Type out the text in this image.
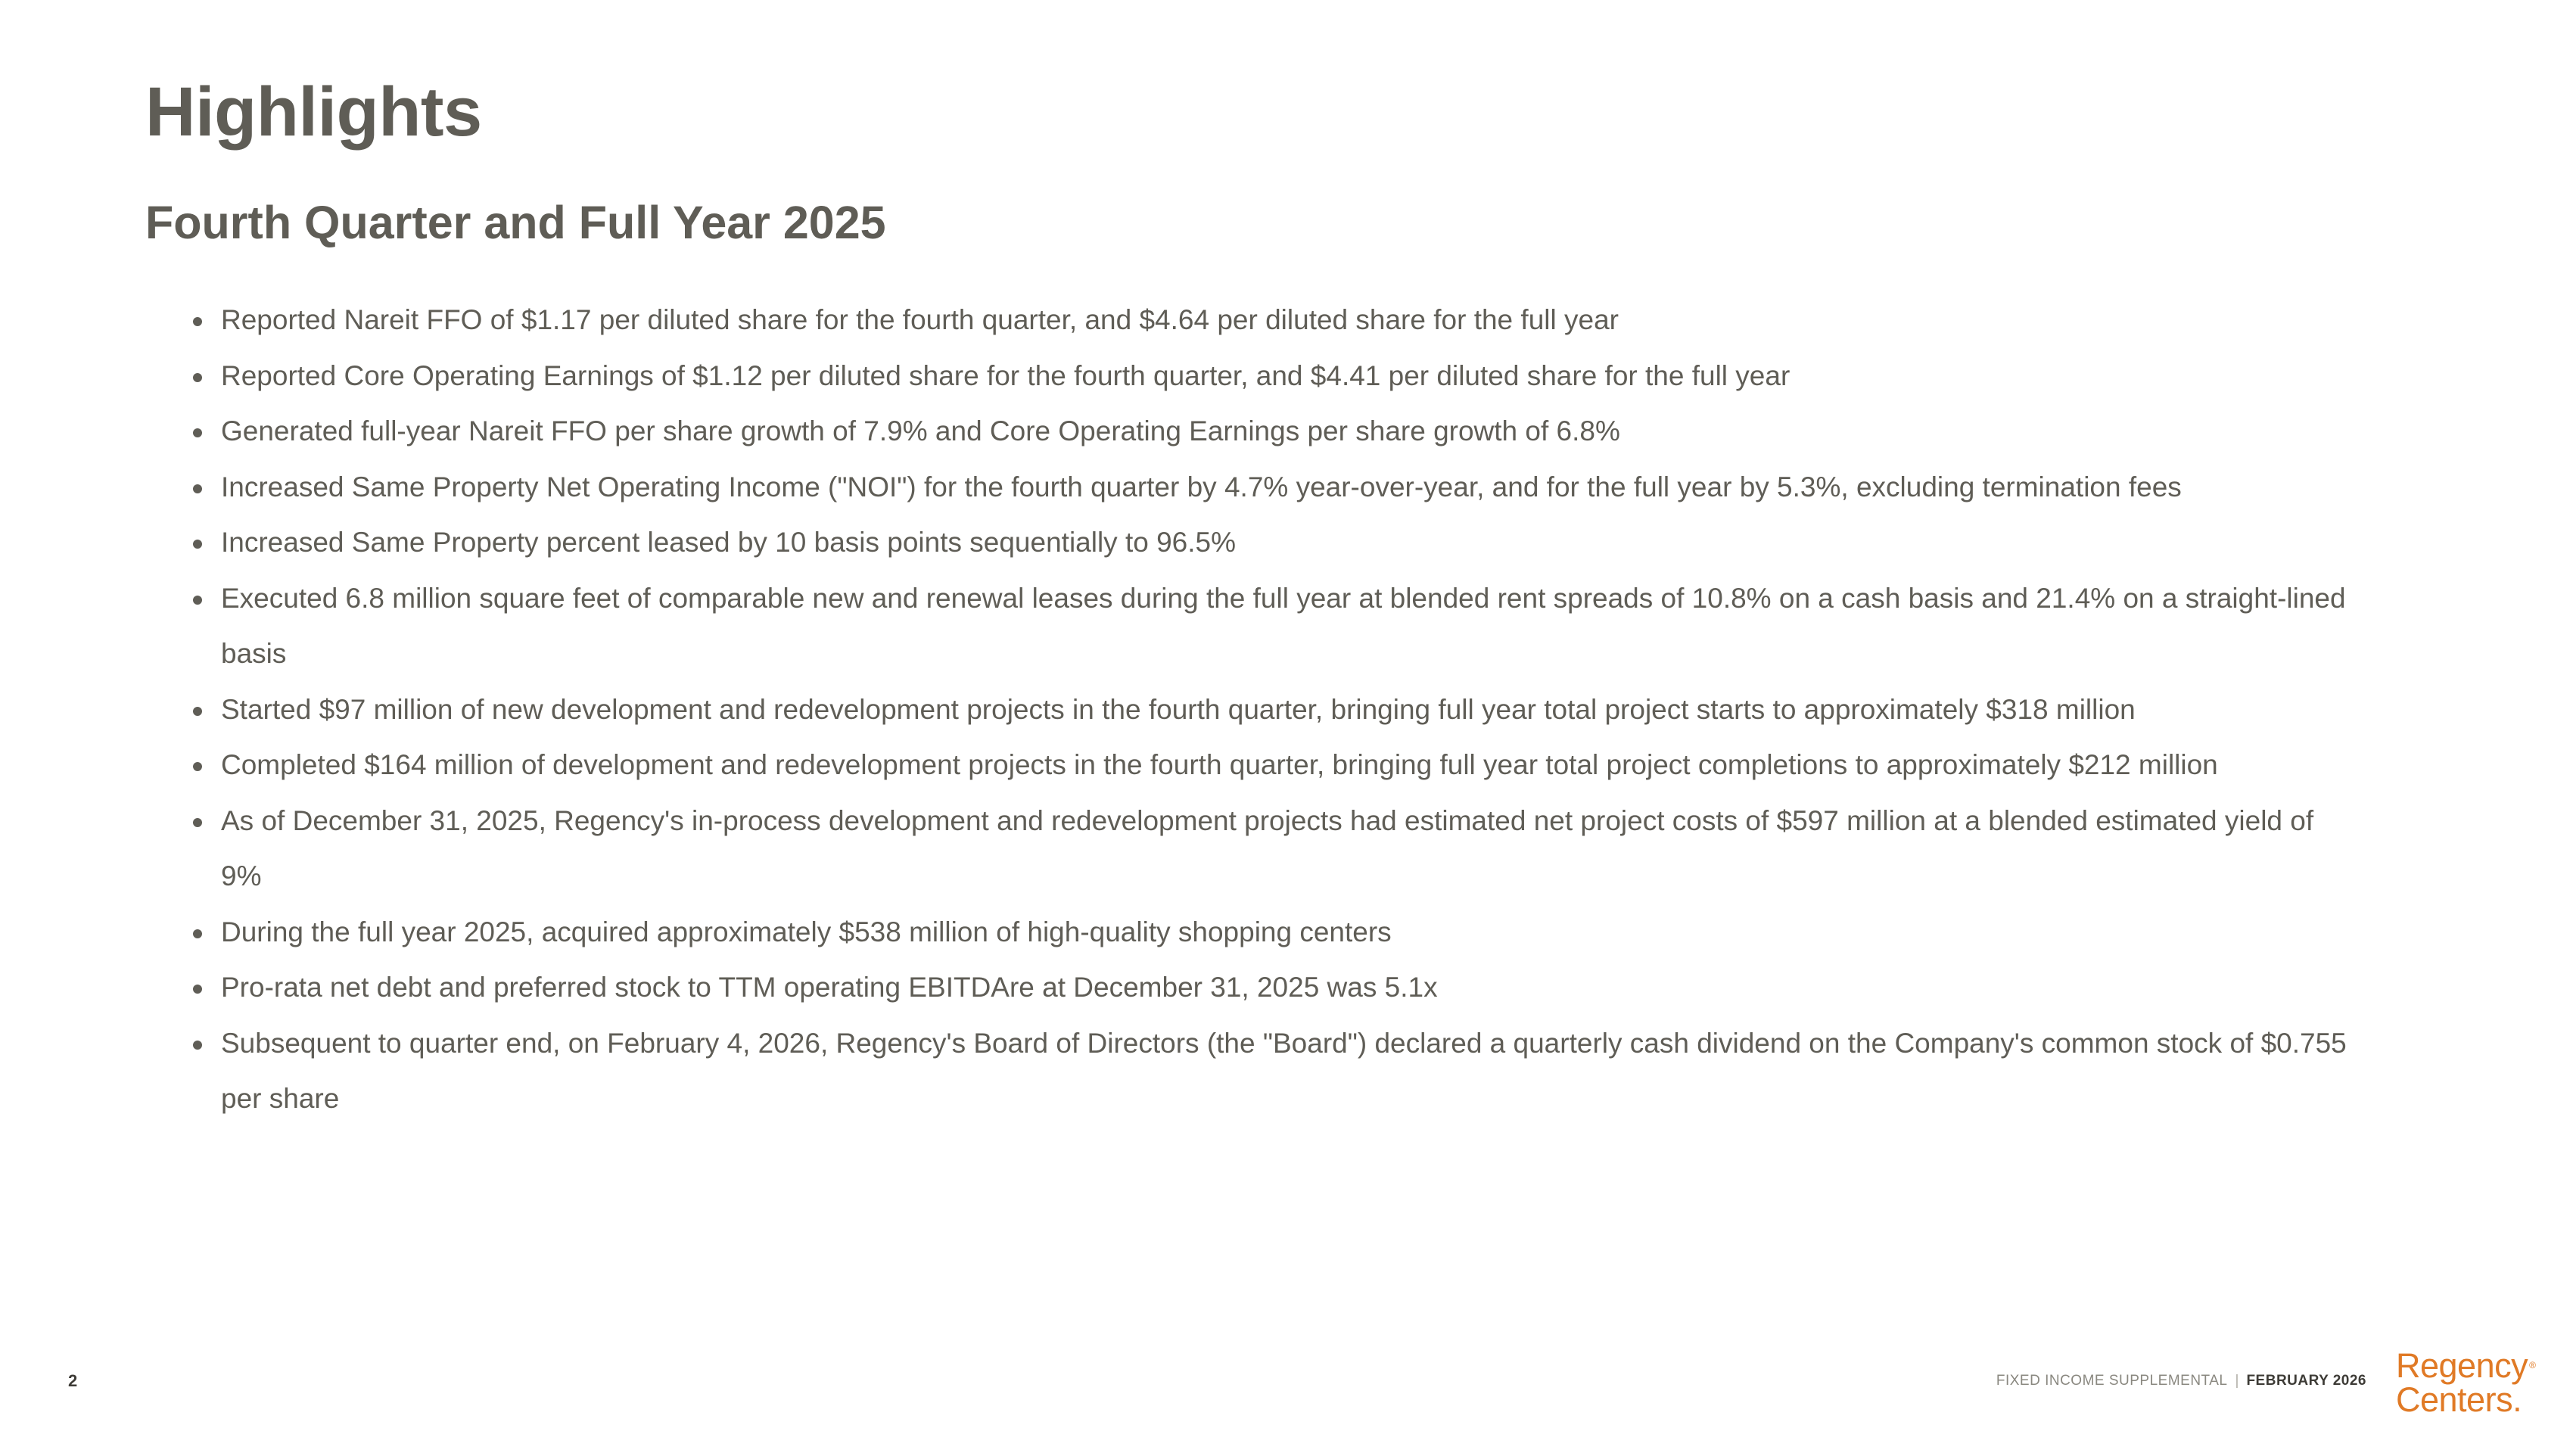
Highlights
Fourth Quarter and Full Year 2025
Reported Nareit FFO of $1.17 per diluted share for the fourth quarter, and $4.64 per diluted share for the full year
Reported Core Operating Earnings of $1.12 per diluted share for the fourth quarter, and $4.41 per diluted share for the full year
Generated full-year Nareit FFO per share growth of 7.9% and Core Operating Earnings per share growth of 6.8%
Increased Same Property Net Operating Income ("NOI") for the fourth quarter by 4.7% year-over-year, and for the full year by 5.3%, excluding termination fees
Increased Same Property percent leased by 10 basis points sequentially to 96.5%
Executed 6.8 million square feet of comparable new and renewal leases during the full year at blended rent spreads of 10.8% on a cash basis and 21.4% on a straight-lined basis
Started $97 million of new development and redevelopment projects in the fourth quarter, bringing full year total project starts to approximately $318 million
Completed $164 million of development and redevelopment projects in the fourth quarter, bringing full year total project completions to approximately $212 million
As of December 31, 2025, Regency's in-process development and redevelopment projects had estimated net project costs of $597 million at a blended estimated yield of 9%
During the full year 2025, acquired approximately $538 million of high-quality shopping centers
Pro-rata net debt and preferred stock to TTM operating EBITDAre at December 31, 2025 was 5.1x
Subsequent to quarter end, on February 4, 2026, Regency's Board of Directors (the "Board") declared a quarterly cash dividend on the Company's common stock of $0.755 per share
2	FIXED INCOME SUPPLEMENTAL | FEBRUARY 2026 Regency ®
Centers.
